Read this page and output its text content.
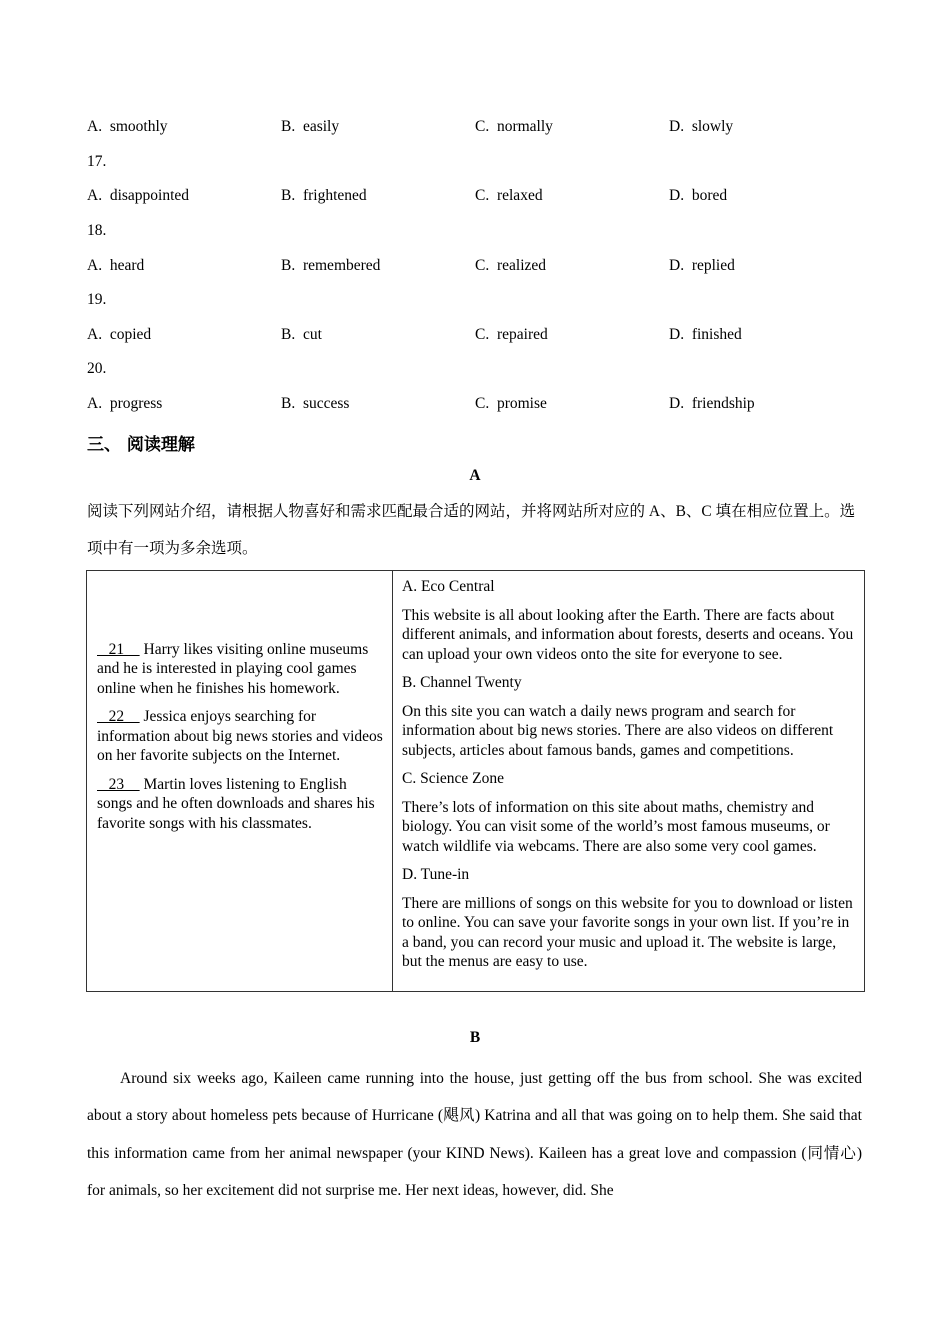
A.  smoothly	B.  easily	C.  normally	D.  slowly
17.
A.  disappointed	B.  frightened	C.  relaxed	D.  bored
18.
A.  heard	B.  remembered	C.  realized	D.  replied
19.
A.  copied	B.  cut	C.  repaired	D.  finished
20.
A.  progress	B.  success	C.  promise	D.  friendship
三、 阅读理解
A
阅读下列网站介绍，请根据人物喜好和需求匹配最合适的网站，并将网站所对应的 A、B、C 填在相应位置上。选项中有一项为多余选项。

21     Harry likes visiting online museums and he is interested in playing cool games online when he finishes his homework.

22     Jessica enjoys searching for information about big news stories and videos on her favorite subjects on the Internet.

23     Martin loves listening to English songs and he often downloads and shares his favorite songs with his classmates.

A. Eco Central

This website is all about looking after the Earth. There are facts about different animals, and information about forests, deserts and oceans. You can upload your own videos onto the site for everyone to see.

B. Channel Twenty

On this site you can watch a daily news program and search for information about big news stories. There are also videos on different subjects, articles about famous bands, games and competitions.

C. Science Zone

There’s lots of information on this site about maths, chemistry and biology. You can visit some of the world’s most famous museums, or watch wildlife via webcams. There are also some very cool games.

D. Tune-in

There are millions of songs on this website for you to download or listen to online. You can save your favorite songs in your own list. If you’re in a band, you can record your music and upload it. The website is large, but the menus are easy to use.

B
Around six weeks ago, Kaileen came running into the house, just getting off the bus from school. She was excited about a story about homeless pets because of Hurricane (飓风) Katrina and all that was going on to help them. She said that this information came from her animal newspaper (your KIND News). Kaileen has a great love and compassion (同情心) for animals, so her excitement did not surprise me. Her next ideas, however, did. She
